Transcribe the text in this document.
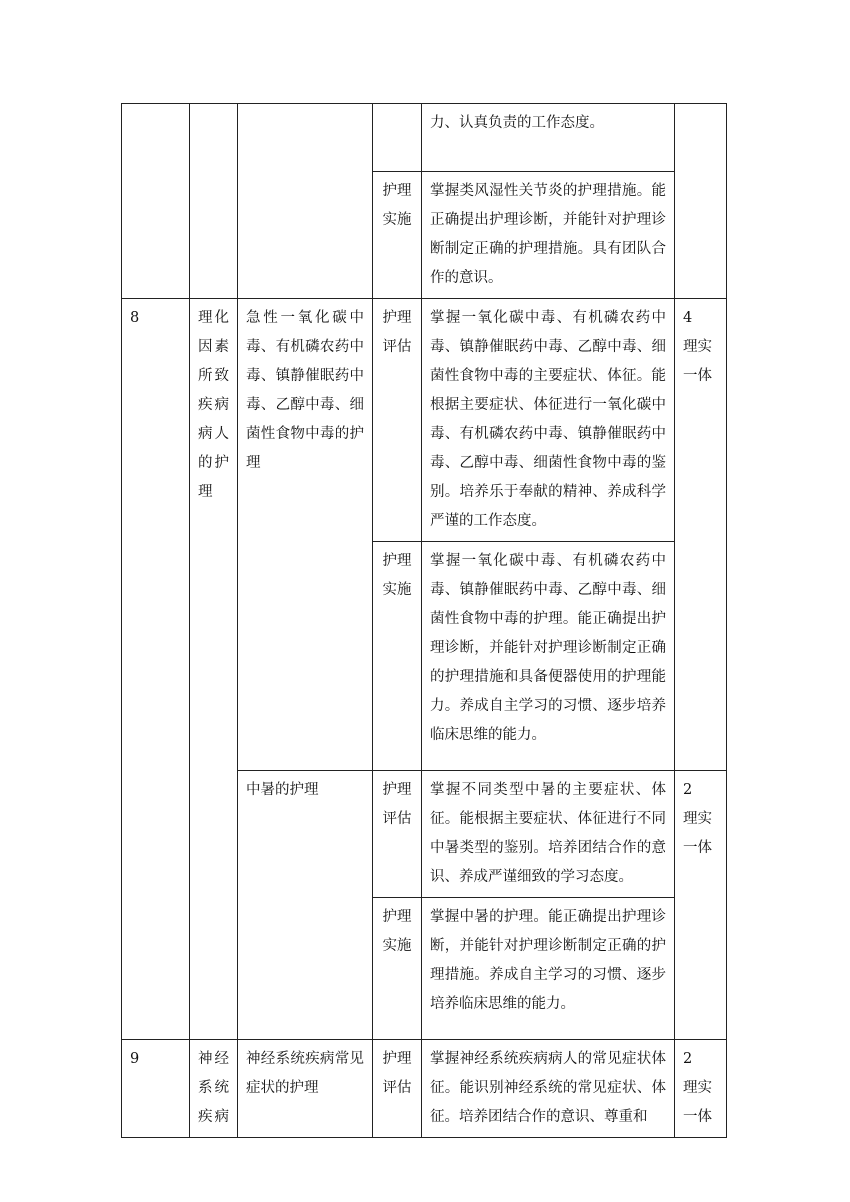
				力、认真负责的工作态度。	
			护理实施	掌握类风湿性关节炎的护理措施。能正确提出护理诊断，并能针对护理诊断制定正确的护理措施。具有团队合作的意识。	
8	理化因素所致疾病病人的护理	急性一氧化碳中毒、有机磷农药中毒、镇静催眠药中毒、乙醇中毒、细菌性食物中毒的护理	护理评估	掌握一氧化碳中毒、有机磷农药中毒、镇静催眠药中毒、乙醇中毒、细菌性食物中毒的主要症状、体征。能根据主要症状、体征进行一氧化碳中毒、有机磷农药中毒、镇静催眠药中毒、乙醇中毒、细菌性食物中毒的鉴别。培养乐于奉献的精神、养成科学严谨的工作态度。	4
理实一体

			护理实施	掌握一氧化碳中毒、有机磷农药中毒、镇静催眠药中毒、乙醇中毒、细菌性食物中毒的护理。能正确提出护理诊断，并能针对护理诊断制定正确的护理措施和具备便器使用的护理能力。养成自主学习的习惯、逐步培养临床思维的能力。	
		中暑的护理	护理评估	掌握不同类型中暑的主要症状、体征。能根据主要症状、体征进行不同中暑类型的鉴别。培养团结合作的意识、养成严谨细致的学习态度。	2
理实一体

			护理实施	掌握中暑的护理。能正确提出护理诊断，并能针对护理诊断制定正确的护理措施。养成自主学习的习惯、逐步培养临床思维的能力。	
9	神经系统疾病	神经系统疾病常见症状的护理	护理评估	掌握神经系统疾病病人的常见症状体征。能识别神经系统的常见症状、体征。培养团结合作的意识、尊重和	2
理实一体
